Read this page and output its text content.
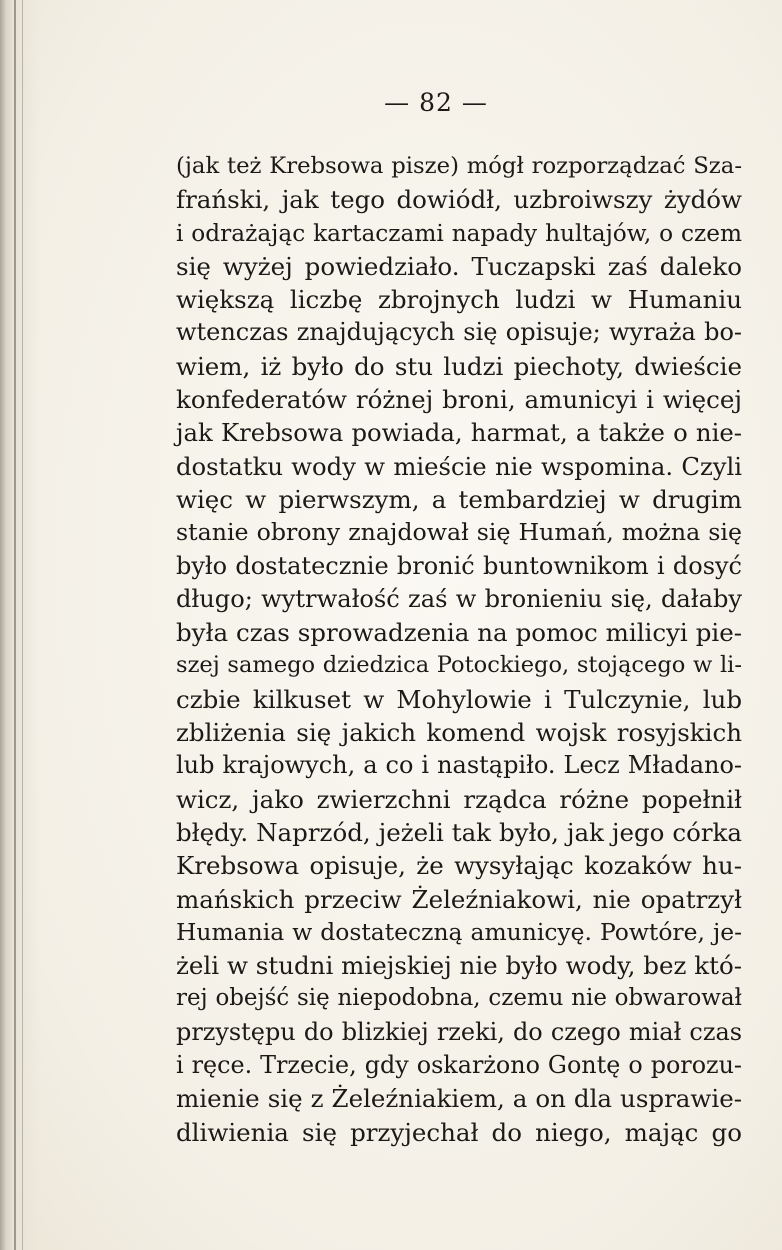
— 82 —
(jak też Krebsowa pisze) mógł rozporządzać Sza-
frański, jak tego dowiódł, uzbroiwszy żydów
i odrażając kartaczami napady hultajów, o czem
się wyżej powiedziało. Tuczapski zaś daleko
większą liczbę zbrojnych ludzi w Humaniu
wtenczas znajdujących się opisuje; wyraża bo-
wiem, iż było do stu ludzi piechoty, dwieście
konfederatów różnej broni, amunicyi i więcej
jak Krebsowa powiada, harmat, a także o nie-
dostatku wody w mieście nie wspomina. Czyli
więc w pierwszym, a tembardziej w drugim
stanie obrony znajdował się Humań, można się
było dostatecznie bronić buntownikom i dosyć
długo; wytrwałość zaś w bronieniu się, dałaby
była czas sprowadzenia na pomoc milicyi pie-
szej samego dziedzica Potockiego, stojącego w li-
czbie kilkuset w Mohylowie i Tulczynie, lub
zbliżenia się jakich komend wojsk rosyjskich
lub krajowych, a co i nastąpiło. Lecz Mładano-
wicz, jako zwierzchni rządca różne popełnił
błędy. Naprzód, jeżeli tak było, jak jego córka
Krebsowa opisuje, że wysyłając kozaków hu-
mańskich przeciw Żeleźniakowi, nie opatrzył
Humania w dostateczną amunicyę. Powtóre, je-
żeli w studni miejskiej nie było wody, bez któ-
rej obejść się niepodobna, czemu nie obwarował
przystępu do blizkiej rzeki, do czego miał czas
i ręce. Trzecie, gdy oskarżono Gontę o porozu-
mienie się z Żeleźniakiem, a on dla usprawie-
dliwienia się przyjechał do niego, mając go
